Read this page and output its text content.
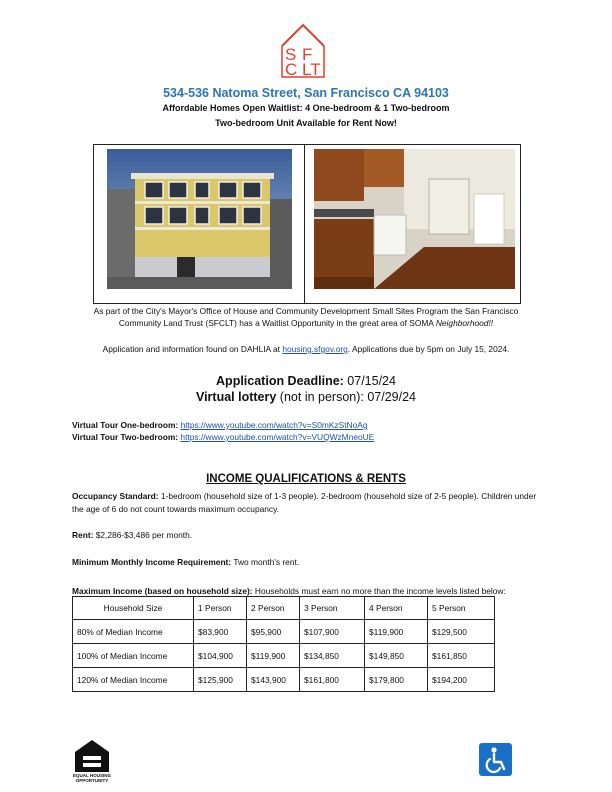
S F
C LT
534-536 Natoma Street, San Francisco CA 94103
Affordable Homes Open Waitlist: 4 One-bedroom & 1 Two-bedroom
Two-bedroom Unit Available for Rent Now!
As part of the City's Mayor's Office of House and Community Development Small Sites Program the San Francisco
Community Land Trust (SFCLT) has a Waitlist Opportunity in the great area of SOMA Neighborhood!!
Application and information found on DAHLIA at housing.sfgov.org. Applications due by 5pm on July 15, 2024.
Application Deadline: 07/15/24
Virtual lottery (not in person): 07/29/24
Virtual Tour One-bedroom: https://www.youtube.com/watch?v=S0mKzStNoAg
Virtual Tour Two-bedroom: https://www.youtube.com/watch?v=VUQWzMneoUE
INCOME QUALIFICATIONS & RENTS
Occupancy Standard: 1-bedroom (household size of 1-3 people). 2-bedroom (household size of 2-5 people). Children under the age of 6 do not count towards maximum occupancy.
Rent: $2,286-$3,486 per month.
Minimum Monthly Income Requirement: Two month's rent.
Maximum Income (based on household size): Households must earn no more than the income levels listed below:
Household Size	1 Person	2 Person	3 Person	4 Person	5 Person
80% of Median Income	$83,900	$95,900	$107,900	$119,900	$129,500
100% of Median Income	$104,900	$119,900	$134,850	$149,850	$161,850
120% of Median Income	$125,900	$143,900	$161,800	$179,800	$194,200
EQUAL HOUSING OPPORTUNITY
